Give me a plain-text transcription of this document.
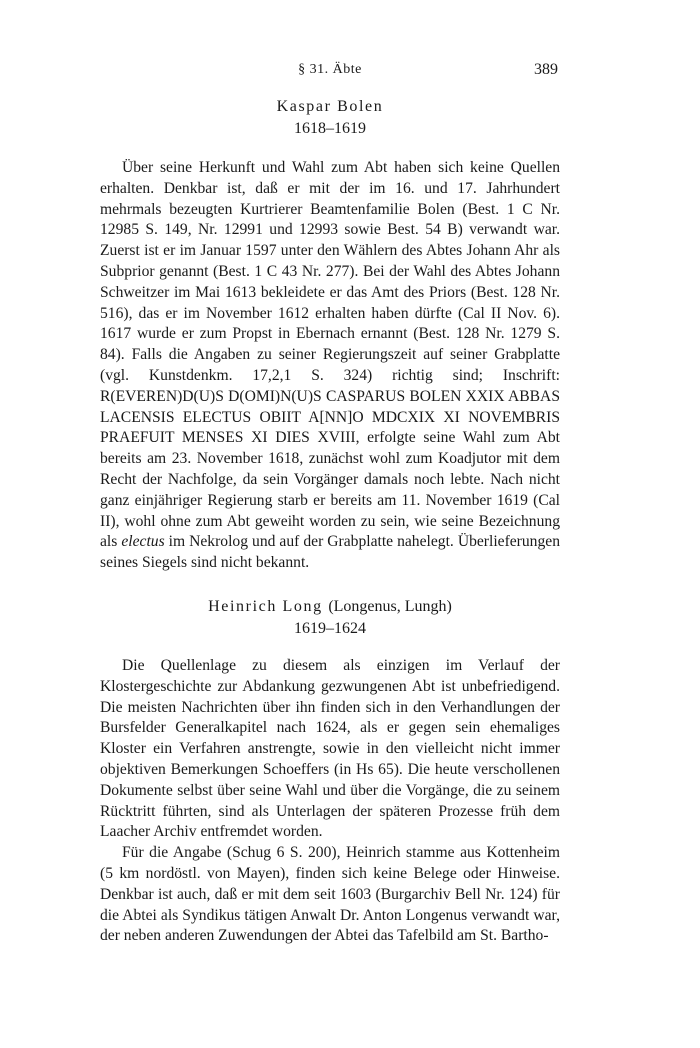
§ 31. Äbte	389
Kaspar Bolen
1618–1619

Über seine Herkunft und Wahl zum Abt haben sich keine Quellen erhalten. Denkbar ist, daß er mit der im 16. und 17. Jahrhundert mehrmals bezeugten Kurtrierer Beamtenfamilie Bolen (Best. 1 C Nr. 12985 S. 149, Nr. 12991 und 12993 sowie Best. 54 B) verwandt war. Zuerst ist er im Januar 1597 unter den Wählern des Abtes Johann Ahr als Subprior genannt (Best. 1 C 43 Nr. 277). Bei der Wahl des Abtes Johann Schweitzer im Mai 1613 bekleidete er das Amt des Priors (Best. 128 Nr. 516), das er im November 1612 erhalten haben dürfte (Cal II Nov. 6). 1617 wurde er zum Propst in Ebernach ernannt (Best. 128 Nr. 1279 S. 84). Falls die Angaben zu seiner Regierungszeit auf seiner Grabplatte (vgl. Kunstdenkm. 17,2,1 S. 324) richtig sind; Inschrift: R(EVEREN)D(U)S D(OMI)N(U)S CASPARUS BOLEN XXIX ABBAS LACENSIS ELECTUS OBIIT A[NN]O MDCXIX XI NOVEMBRIS PRAEFUIT MENSES XI DIES XVIII, erfolgte seine Wahl zum Abt bereits am 23. November 1618, zunächst wohl zum Koadjutor mit dem Recht der Nachfolge, da sein Vorgänger damals noch lebte. Nach nicht ganz einjähriger Regierung starb er bereits am 11. November 1619 (Cal II), wohl ohne zum Abt geweiht worden zu sein, wie seine Bezeichnung als electus im Nekrolog und auf der Grabplatte nahelegt. Überlieferungen seines Siegels sind nicht bekannt.

Heinrich Long (Longenus, Lungh)
1619–1624

Die Quellenlage zu diesem als einzigen im Verlauf der Klostergeschichte zur Abdankung gezwungenen Abt ist unbefriedigend. Die meisten Nachrichten über ihn finden sich in den Verhandlungen der Bursfelder Generalkapitel nach 1624, als er gegen sein ehemaliges Kloster ein Verfahren anstrengte, sowie in den vielleicht nicht immer objektiven Bemerkungen Schoeffers (in Hs 65). Die heute verschollenen Dokumente selbst über seine Wahl und über die Vorgänge, die zu seinem Rücktritt führten, sind als Unterlagen der späteren Prozesse früh dem Laacher Archiv entfremdet worden.

Für die Angabe (Schug 6 S. 200), Heinrich stamme aus Kottenheim (5 km nordöstl. von Mayen), finden sich keine Belege oder Hinweise. Denkbar ist auch, daß er mit dem seit 1603 (Burgarchiv Bell Nr. 124) für die Abtei als Syndikus tätigen Anwalt Dr. Anton Longenus verwandt war, der neben anderen Zuwendungen der Abtei das Tafelbild am St. Bartho-
